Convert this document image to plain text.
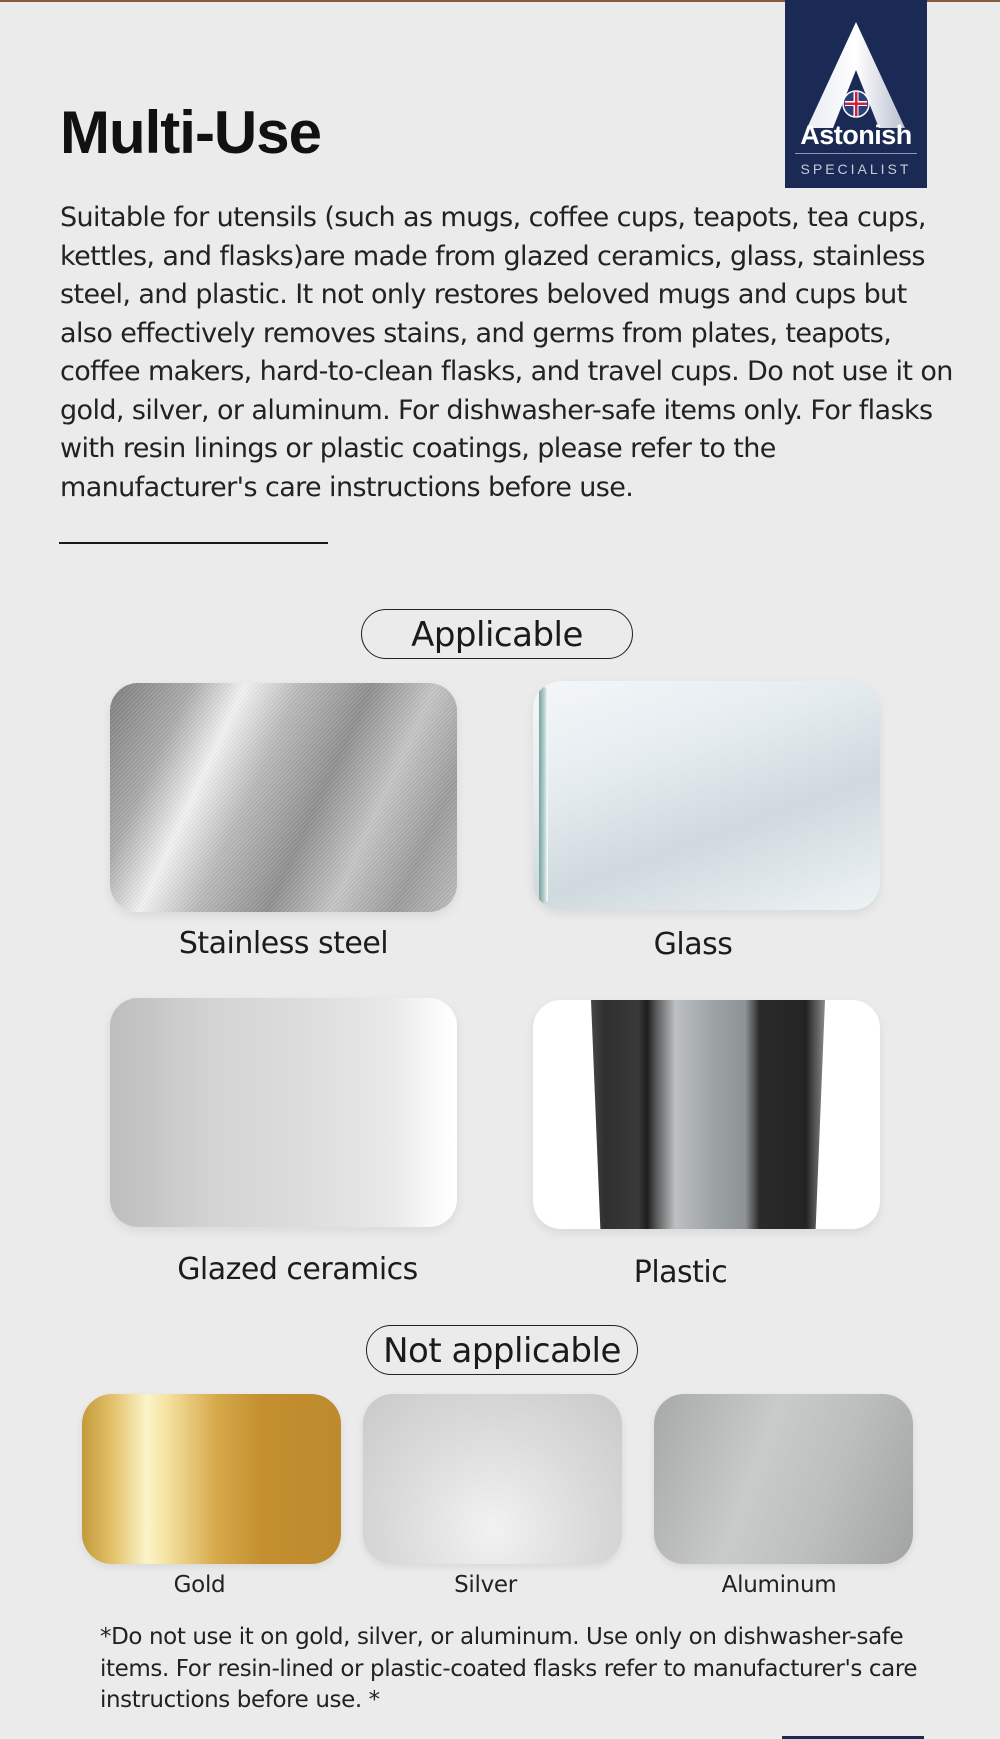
Astonish
SPECIALIST
Multi-Use

Suitable for utensils (such as mugs, coffee cups, teapots, tea cups, kettles, and flasks)are made from glazed ceramics, glass, stainless steel, and plastic. It not only restores beloved mugs and cups but also effectively removes stains, and germs from plates, teapots, coffee makers, hard-to-clean flasks, and travel cups. Do not use it on gold, silver, or aluminum. For dishwasher-safe items only. For flasks with resin linings or plastic coatings, please refer to the manufacturer's care instructions before use.

Applicable
Stainless steel	Glass
Glazed ceramics	Plastic
Not applicable
Gold	Silver	Aluminum

*Do not use it on gold, silver, or aluminum. Use only on dishwasher-safe items. For resin-lined or plastic-coated flasks refer to manufacturer's care instructions before use. *
